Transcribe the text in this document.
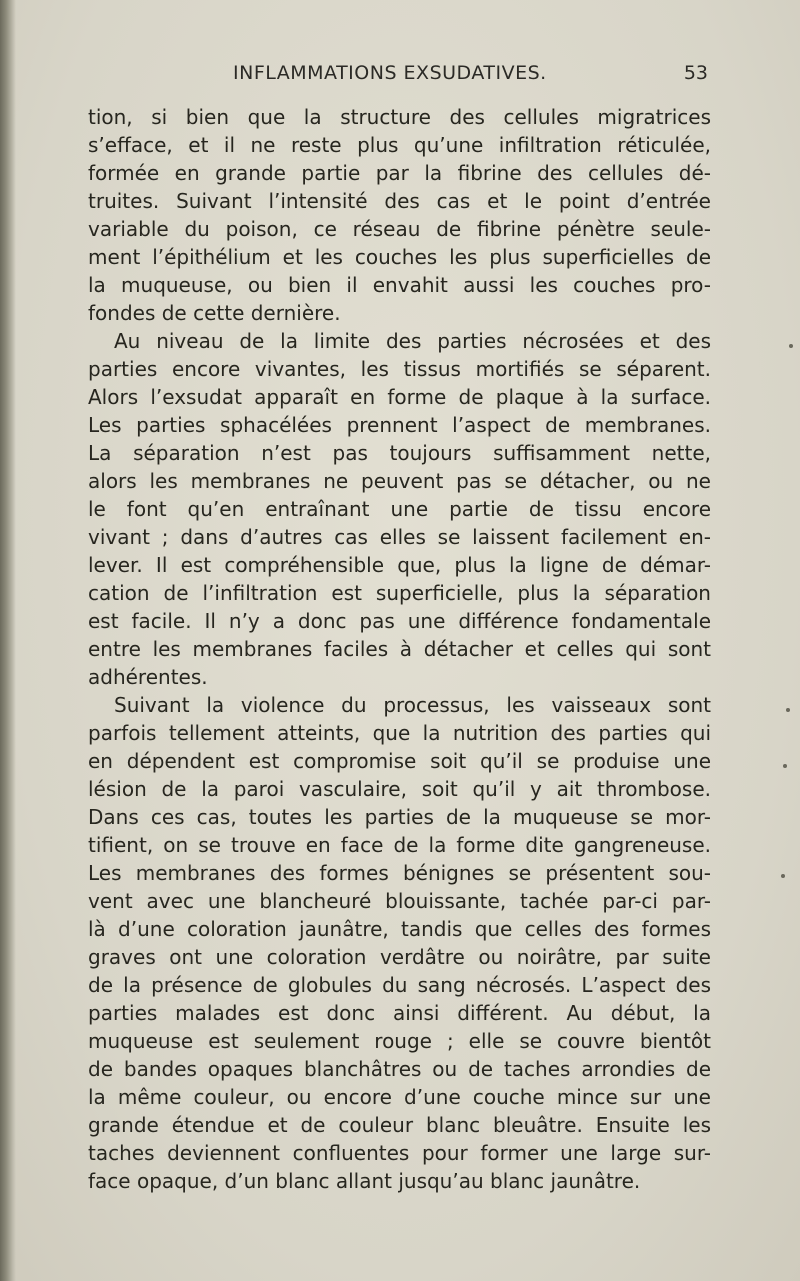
INFLAMMATIONS EXSUDATIVES.	53
tion, si bien que la structure des cellules migratrices
s’efface, et il ne reste plus qu’une infiltration réticulée,
formée en grande partie par la fibrine des cellules dé-
truites. Suivant l’intensité des cas et le point d’entrée
variable du poison, ce réseau de fibrine pénètre seule-
ment l’épithélium et les couches les plus superficielles de
la muqueuse, ou bien il envahit aussi les couches pro-
fondes de cette dernière.
Au niveau de la limite des parties nécrosées et des
parties encore vivantes, les tissus mortifiés se séparent.
Alors l’exsudat apparaît en forme de plaque à la surface.
Les parties sphacélées prennent l’aspect de membranes.
La séparation n’est pas toujours suffisamment nette,
alors les membranes ne peuvent pas se détacher, ou ne
le font qu’en entraînant une partie de tissu encore
vivant ; dans d’autres cas elles se laissent facilement en-
lever. Il est compréhensible que, plus la ligne de démar-
cation de l’infiltration est superficielle, plus la séparation
est facile. Il n’y a donc pas une différence fondamentale
entre les membranes faciles à détacher et celles qui sont
adhérentes.
Suivant la violence du processus, les vaisseaux sont
parfois tellement atteints, que la nutrition des parties qui
en dépendent est compromise soit qu’il se produise une
lésion de la paroi vasculaire, soit qu’il y ait thrombose.
Dans ces cas, toutes les parties de la muqueuse se mor-
tifient, on se trouve en face de la forme dite gangreneuse.
Les membranes des formes bénignes se présentent sou-
vent avec une blancheuré blouissante, tachée par-ci par-
là d’une coloration jaunâtre, tandis que celles des formes
graves ont une coloration verdâtre ou noirâtre, par suite
de la présence de globules du sang nécrosés. L’aspect des
parties malades est donc ainsi différent. Au début, la
muqueuse est seulement rouge ; elle se couvre bientôt
de bandes opaques blanchâtres ou de taches arrondies de
la même couleur, ou encore d’une couche mince sur une
grande étendue et de couleur blanc bleuâtre. Ensuite les
taches deviennent confluentes pour former une large sur-
face opaque, d’un blanc allant jusqu’au blanc jaunâtre.
